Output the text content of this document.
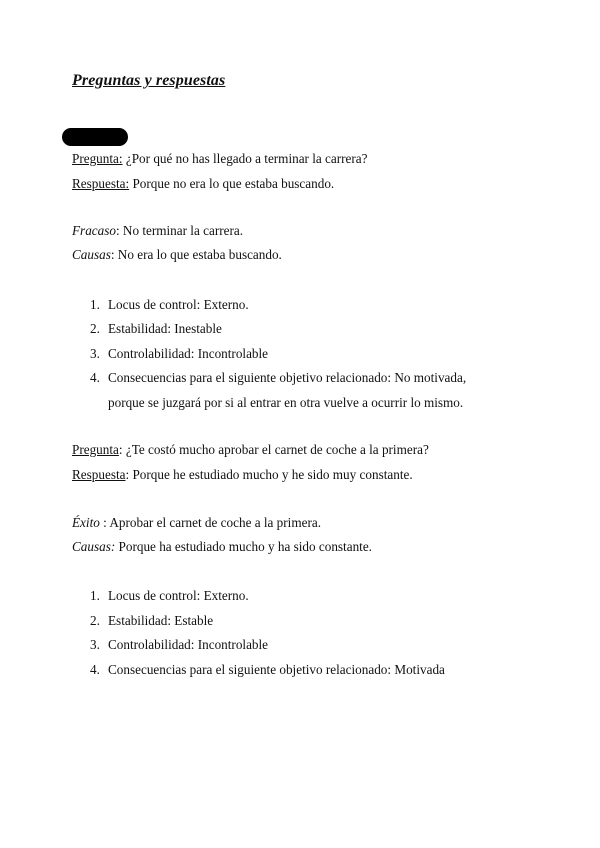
Preguntas y respuestas
Pregunta: ¿Por qué no has llegado a terminar la carrera?
Respuesta: Porque no era lo que estaba buscando.
Fracaso: No terminar la carrera.
Causas: No era lo que estaba buscando.
1. Locus de control: Externo.
2. Estabilidad: Inestable
3. Controlabilidad: Incontrolable
4. Consecuencias para el siguiente objetivo relacionado: No motivada,
porque se juzgará por si al entrar en otra vuelve a ocurrir lo mismo.
Pregunta: ¿Te costó mucho aprobar el carnet de coche a la primera?
Respuesta: Porque he estudiado mucho y he sido muy constante.
Éxito : Aprobar el carnet de coche a la primera.
Causas: Porque ha estudiado mucho y ha sido constante.
1. Locus de control: Externo.
2. Estabilidad: Estable
3. Controlabilidad: Incontrolable
4. Consecuencias para el siguiente objetivo relacionado: Motivada
